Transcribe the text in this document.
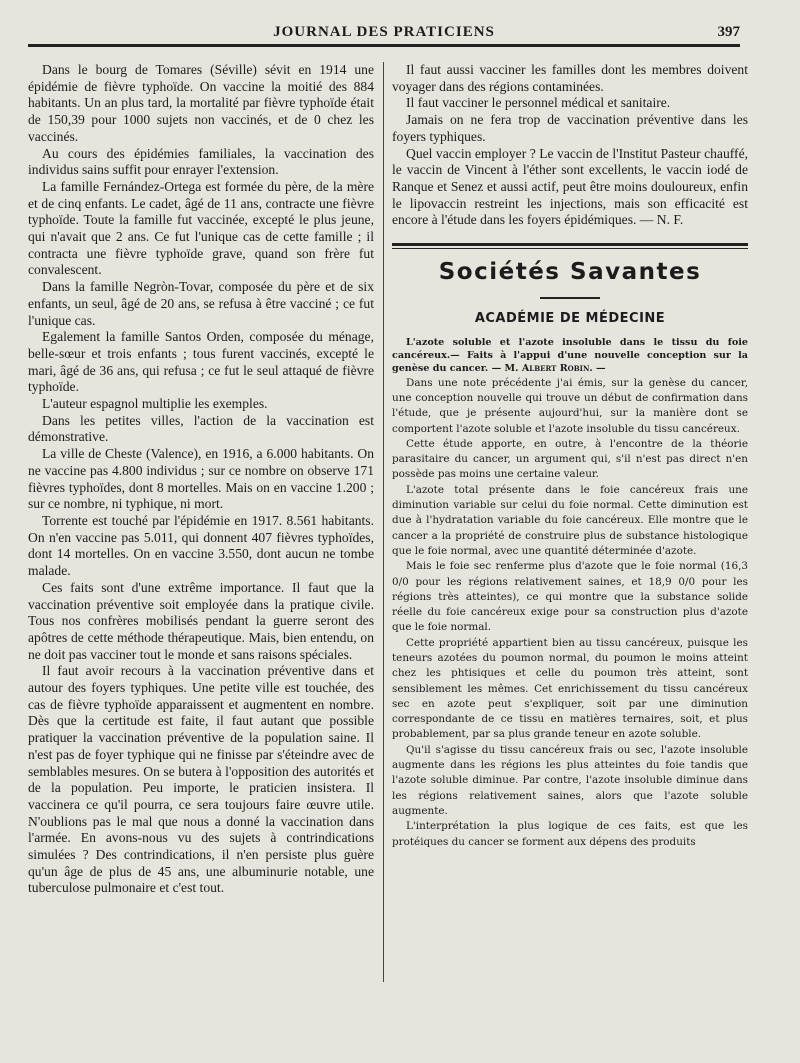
JOURNAL DES PRATICIENS	397

Dans le bourg de Tomares (Séville) sévit en 1914 une épidémie de fièvre typhoïde. On vaccine la moitié des 884 habitants. Un an plus tard, la mortalité par fièvre typhoïde était de 150,39 pour 1000 sujets non vaccinés, et de 0 chez les vaccinés.

Au cours des épidémies familiales, la vaccination des individus sains suffit pour enrayer l'extension.

La famille Fernández-Ortega est formée du père, de la mère et de cinq enfants. Le cadet, âgé de 11 ans, contracte une fièvre typhoïde. Toute la famille fut vaccinée, excepté le plus jeune, qui n'avait que 2 ans. Ce fut l'unique cas de cette famille ; il contracta une fièvre typhoïde grave, quand son frère fut convalescent.

Dans la famille Negròn-Tovar, composée du père et de six enfants, un seul, âgé de 20 ans, se refusa à être vacciné ; ce fut l'unique cas.

Egalement la famille Santos Orden, composée du ménage, belle-sœur et trois enfants ; tous furent vaccinés, excepté le mari, âgé de 36 ans, qui refusa ; ce fut le seul attaqué de fièvre typhoïde.

L'auteur espagnol multiplie les exemples.

Dans les petites villes, l'action de la vaccination est démonstrative.

La ville de Cheste (Valence), en 1916, a 6.000 habitants. On ne vaccine pas 4.800 individus ; sur ce nombre on observe 171 fièvres typhoïdes, dont 8 mortelles. Mais on en vaccine 1.200 ; sur ce nombre, ni typhique, ni mort.

Torrente est touché par l'épidémie en 1917. 8.561 habitants. On n'en vaccine pas 5.011, qui donnent 407 fièvres typhoïdes, dont 14 mortelles. On en vaccine 3.550, dont aucun ne tombe malade.

Ces faits sont d'une extrême importance. Il faut que la vaccination préventive soit employée dans la pratique civile. Tous nos confrères mobilisés pendant la guerre seront des apôtres de cette méthode thérapeutique. Mais, bien entendu, on ne doit pas vacciner tout le monde et sans raisons spéciales.

Il faut avoir recours à la vaccination préventive dans et autour des foyers typhiques. Une petite ville est touchée, des cas de fièvre typhoïde apparaissent et augmentent en nombre. Dès que la certitude est faite, il faut autant que possible pratiquer la vaccination préventive de la population saine. Il n'est pas de foyer typhique qui ne finisse par s'éteindre avec de semblables mesures. On se butera à l'opposition des autorités et de la population. Peu importe, le praticien insistera. Il vaccinera ce qu'il pourra, ce sera toujours faire œuvre utile. N'oublions pas le mal que nous a donné la vaccination dans l'armée. En avons-nous vu des sujets à contrindications simulées ? Des contrindications, il n'en persiste plus guère qu'un âge de plus de 45 ans, une albuminurie notable, une tuberculose pulmonaire et c'est tout.

Il faut aussi vacciner les familles dont les membres doivent voyager dans des régions contaminées.

Il faut vacciner le personnel médical et sanitaire.

Jamais on ne fera trop de vaccination préventive dans les foyers typhiques.

Quel vaccin employer ? Le vaccin de l'Institut Pasteur chauffé, le vaccin de Vincent à l'éther sont excellents, le vaccin iodé de Ranque et Senez et aussi actif, peut être moins douloureux, enfin le lipovaccin restreint les injections, mais son efficacité est encore à l'étude dans les foyers épidémiques. — N. F.

Sociétés Savantes
ACADÉMIE DE MÉDECINE

L'azote soluble et l'azote insoluble dans le tissu du foie cancéreux.— Faits à l'appui d'une nouvelle conception sur la genèse du cancer. — M. Albert Robin. —

Dans une note précédente j'ai émis, sur la genèse du cancer, une conception nouvelle qui trouve un début de confirmation dans l'étude, que je présente aujourd'hui, sur la manière dont se comportent l'azote soluble et l'azote insoluble du tissu cancéreux.

Cette étude apporte, en outre, à l'encontre de la théorie parasitaire du cancer, un argument qui, s'il n'est pas direct n'en possède pas moins une certaine valeur.

L'azote total présente dans le foie cancéreux frais une diminution variable sur celui du foie normal. Cette diminution est due à l'hydratation variable du foie cancéreux. Elle montre que le cancer a la propriété de construire plus de substance histologique que le foie normal, avec une quantité déterminée d'azote.

Mais le foie sec renferme plus d'azote que le foie normal (16,3 0/0 pour les régions relativement saines, et 18,9 0/0 pour les régions très atteintes), ce qui montre que la substance solide réelle du foie cancéreux exige pour sa construction plus d'azote que le foie normal.

Cette propriété appartient bien au tissu cancéreux, puisque les teneurs azotées du poumon normal, du poumon le moins atteint chez les phtisiques et celle du poumon très atteint, sont sensiblement les mêmes. Cet enrichissement du tissu cancéreux sec en azote peut s'expliquer, soit par une diminution correspondante de ce tissu en matières ternaires, soit, et plus probablement, par sa plus grande teneur en azote soluble.

Qu'il s'agisse du tissu cancéreux frais ou sec, l'azote insoluble augmente dans les régions les plus atteintes du foie tandis que l'azote soluble diminue. Par contre, l'azote insoluble diminue dans les régions relativement saines, alors que l'azote soluble augmente.

L'interprétation la plus logique de ces faits, est que les protéiques du cancer se forment aux dépens des produits
